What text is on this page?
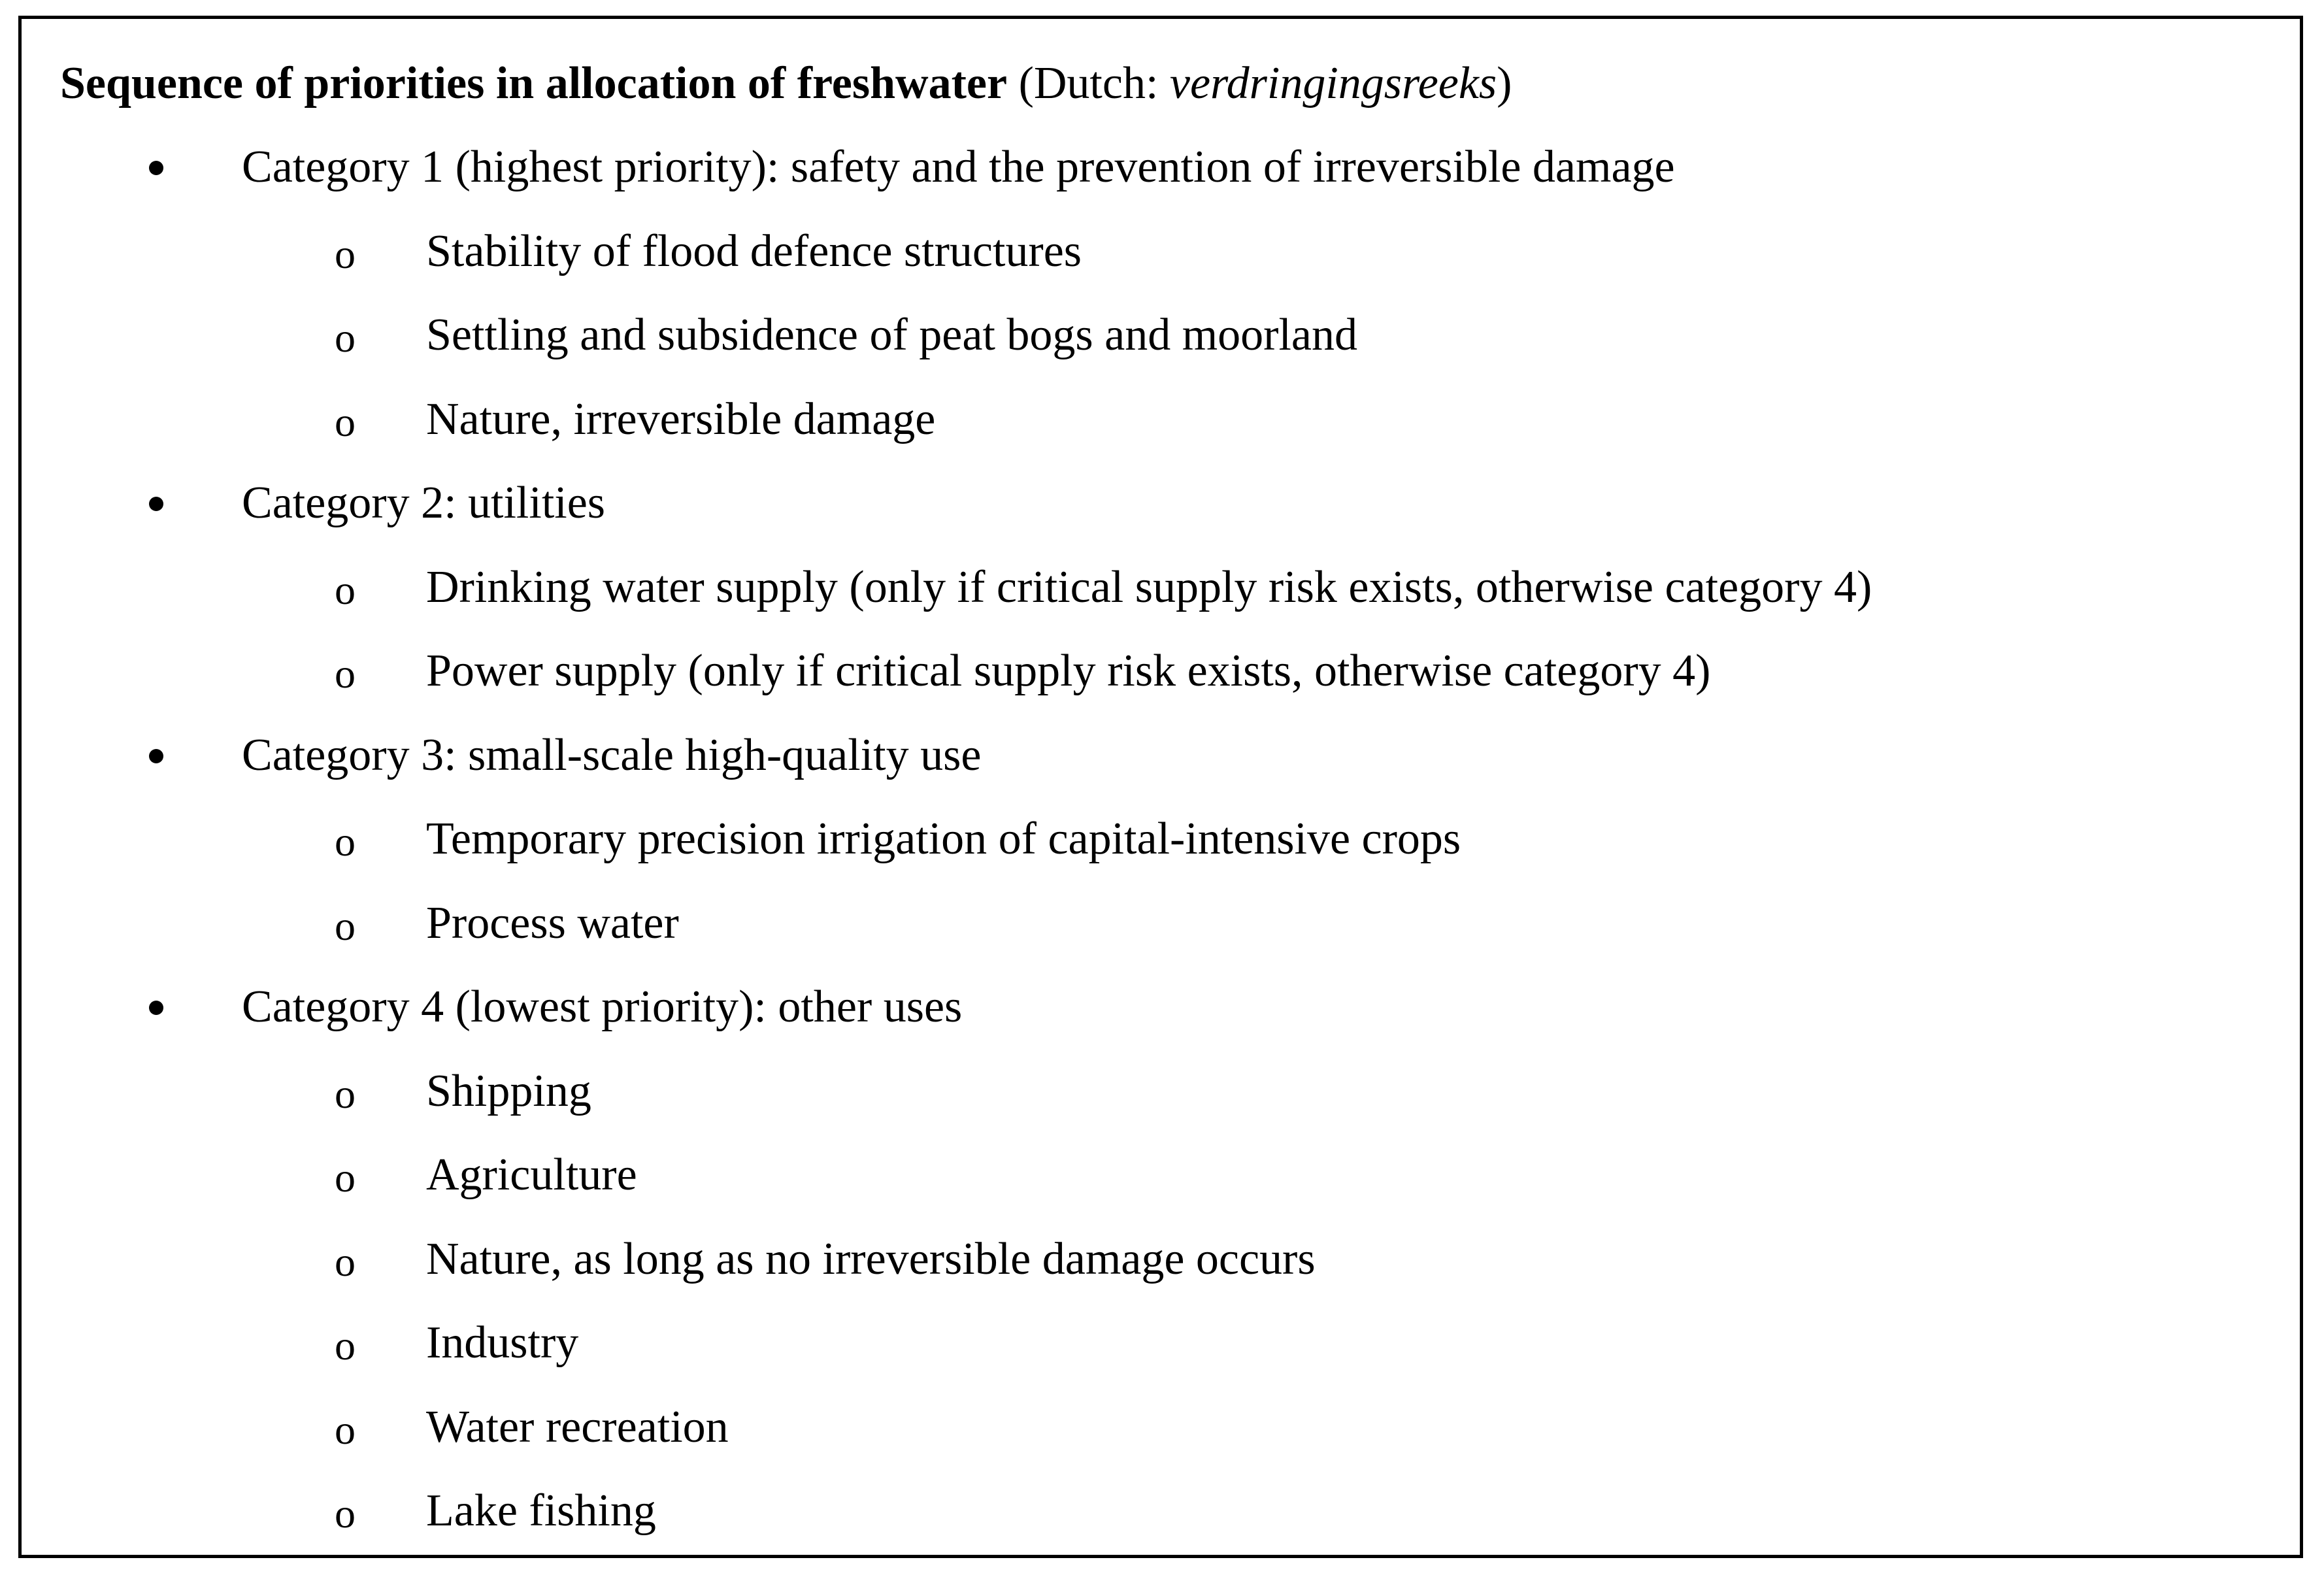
Sequence of priorities in allocation of freshwater (Dutch: verdringingsreeks)
Category 1 (highest priority): safety and the prevention of irreversible damage
o Stability of flood defence structures
o Settling and subsidence of peat bogs and moorland
o Nature, irreversible damage
Category 2: utilities
o Drinking water supply (only if critical supply risk exists, otherwise category 4)
o Power supply (only if critical supply risk exists, otherwise category 4)
Category 3: small-scale high-quality use
o Temporary precision irrigation of capital-intensive crops
o Process water
Category 4 (lowest priority): other uses
o Shipping
o Agriculture
o Nature, as long as no irreversible damage occurs
o Industry
o Water recreation
o Lake fishing
